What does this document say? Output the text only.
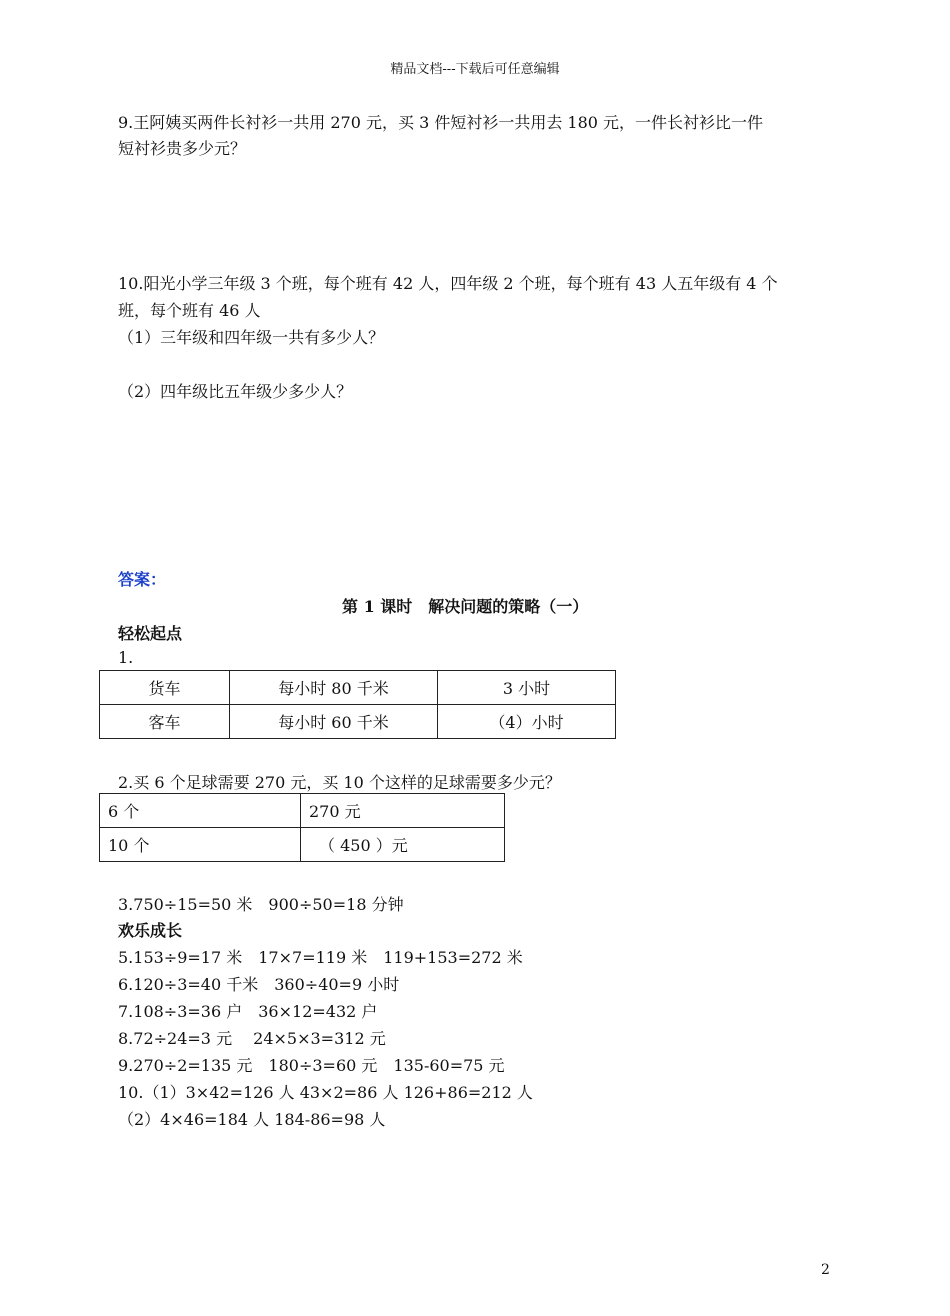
精品文档---下载后可任意编辑
9.王阿姨买两件长衬衫一共用 270 元，买 3 件短衬衫一共用去 180 元，一件长衬衫比一件
短衬衫贵多少元？
10.阳光小学三年级 3 个班，每个班有 42 人，四年级 2 个班，每个班有 43 人五年级有 4 个
班，每个班有 46 人
（1）三年级和四年级一共有多少人？
（2）四年级比五年级少多少人？
答案：
第 1 课时　解决问题的策略（一）
轻松起点
1.
货车	每小时 80 千米	3 小时
客车	每小时 60 千米	（4）小时
2.买 6 个足球需要 270 元，买 10 个这样的足球需要多少元？
6 个	270 元
10 个	（ 450 ）元
3.750÷15=50 米　900÷50=18 分钟
欢乐成长
5.153÷9=17 米　17×7=119 米　119+153=272 米
6.120÷3=40 千米　360÷40=9 小时
7.108÷3=36 户　36×12=432 户
8.72÷24=3 元　 24×5×3=312 元
9.270÷2=135 元　180÷3=60 元　135-60=75 元
10.（1）3×42=126 人 43×2=86 人 126+86=212 人
（2）4×46=184 人 184-86=98 人
2
